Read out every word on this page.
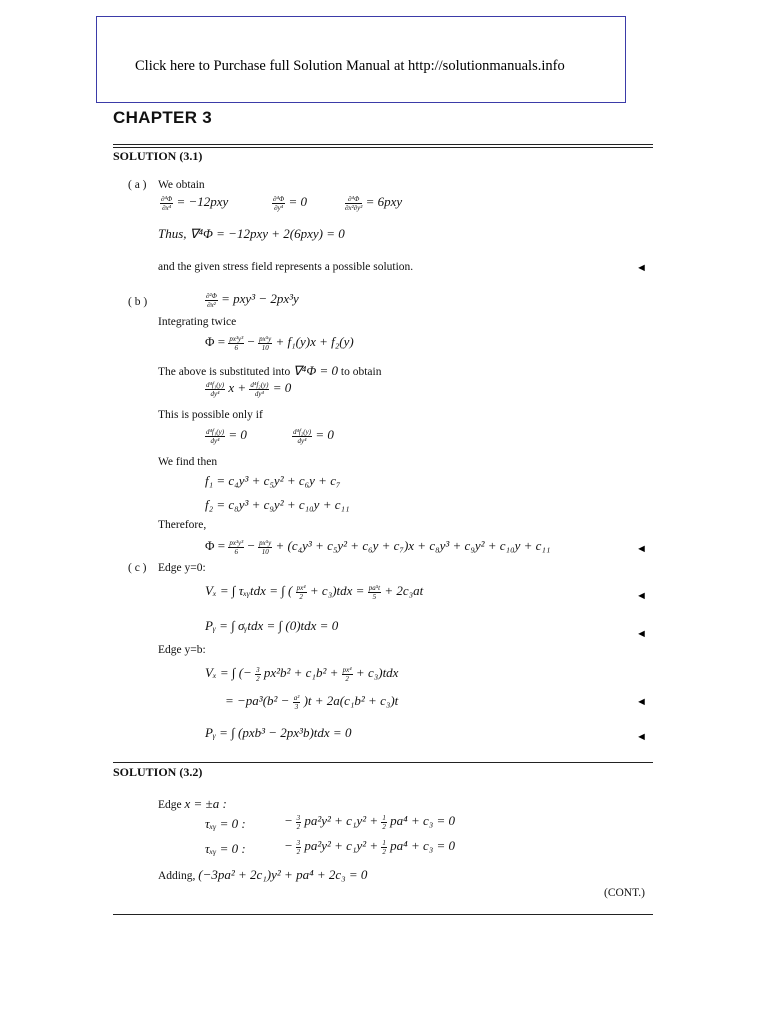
Click here to Purchase full Solution Manual at http://solutionmanuals.info
CHAPTER 3
SOLUTION (3.1)
( a ) We obtain
$\frac{\text{∂⁴Φ}}{\text{∂x⁴}} = -12pxy$	$\frac{\text{∂⁴Φ}}{\text{∂y⁴}} = 0$	$\frac{\text{∂⁴Φ}}{\text{∂x²∂y²}} = 6pxy$
Thus, ∇⁴Φ = −12pxy + 2(6pxy) = 0
and the given stress field represents a possible solution.	◄
( b )	$\frac{\text{∂²Φ}}{\text{∂x²}} = pxy^3 - 2px^3y$
Integrating twice
$\Phi = \frac{\text{px³y³}}{6} - \frac{\text{px⁵y}}{10} + f_1(y)x + f_2(y)$
The above is substituted into ∇⁴Φ = 0 to obtain
$\frac{\text{d⁴f₁(y)}}{\text{dy⁴}}$ $x + \frac{\text{d⁴f₂(y)}}{\text{dy⁴}} = 0$
This is possible only if
$\frac{\text{d⁴f₁(y)}}{\text{dy⁴}} = 0$	$\frac{\text{d⁴f₂(y)}}{\text{dy⁴}} = 0$
We find then
f₁ = c₄y³ + c₅y² + c₆y + c₇
f₂ = c₈y³ + c₉y² + c₁₀y + c₁₁
Therefore,
$\Phi = \frac{\text{px³y³}}{6} - \frac{\text{px⁵y}}{10} + (c_4y^3 + c_5y^2 + c_6y + c_7)x + c_8y^3 + c_9y^2 + c_{10}y + c_{11}$	◄
( c ) Edge y=0:
Vₓ = ∫ τₓᵧtdx = ∫ ( $\frac{\text{px⁴}}{2} + c_3)tdx = \frac{\text{pa⁵t}}{5} + 2c_3at$	◄
Pᵧ = ∫ σᵧtdx = ∫ (0)tdx = 0
◄
Edge y=b:
Vₓ = ∫ (− $\frac{3}{2} px^2b^2 + c_1b^2 + \frac{\text{px⁴}}{2} + c_3)tdx$
= $-pa^3(b^2 - \frac{\text{a²}}{3} )t + 2a(c_1b^2 + c_3)t$	◄
Pᵧ = ∫ (pxb³ − 2px³b)tdx = 0	◄
SOLUTION (3.2)
Edge x = ±a :
τₓᵧ = 0 :	− $\frac{3}{2} pa^2y^2 + c_1y^2 + \frac{1}{2} pa^4 + c_3 = 0$
τₓᵧ = 0 :	− $\frac{3}{2} pa^2y^2 + c_1y^2 + \frac{1}{2} pa^4 + c_3 = 0$
Adding, (−3pa² + 2c₁)y² + pa⁴ + 2c₃ = 0
(CONT.)
